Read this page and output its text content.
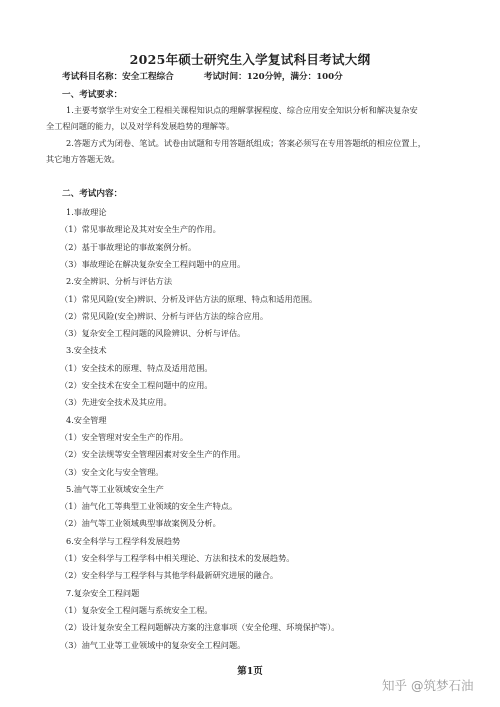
2025年硕士研究生入学复试科目考试大纲
考试科目名称：安全工程综合	考试时间：120分钟，满分：100分
一、考试要求：
1.主要考察学生对安全工程相关课程知识点的理解掌握程度、综合应用安全知识分析和解决复杂安
全工程问题的能力，以及对学科发展趋势的理解等。
2.答题方式为闭卷、笔试。试卷由试题和专用答题纸组成；答案必须写在专用答题纸的相应位置上，
其它地方答题无效。
二、考试内容：
1.事故理论
（1）常见事故理论及其对安全生产的作用。
（2）基于事故理论的事故案例分析。
（3）事故理论在解决复杂安全工程问题中的应用。
2.安全辨识、分析与评估方法
（1）常见风险(安全)辨识、分析及评估方法的原理、特点和适用范围。
（2）常见风险(安全)辨识、分析与评估方法的综合应用。
（3）复杂安全工程问题的风险辨识、分析与评估。
3.安全技术
（1）安全技术的原理、特点及适用范围。
（2）安全技术在安全工程问题中的应用。
（3）先进安全技术及其应用。
4.安全管理
（1）安全管理对安全生产的作用。
（2）安全法规等安全管理因素对安全生产的作用。
（3）安全文化与安全管理。
5.油气等工业领域安全生产
（1）油气化工等典型工业领域的安全生产特点。
（2）油气等工业领域典型事故案例及分析。
6.安全科学与工程学科发展趋势
（1）安全科学与工程学科中相关理论、方法和技术的发展趋势。
（2）安全科学与工程学科与其他学科最新研究进展的融合。
7.复杂安全工程问题
（1）复杂安全工程问题与系统安全工程。
（2）设计复杂安全工程问题解决方案的注意事项（安全伦理、环境保护等）。
（3）油气工业等工业领域中的复杂安全工程问题。
第1页
知乎 @筑梦石油
